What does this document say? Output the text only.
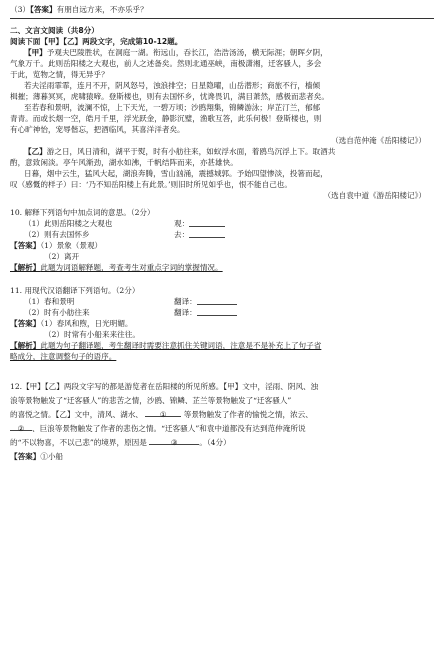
（3）【答案】有朋自远方来，不亦乐乎？
二、文言文阅读（共8分）
阅读下面【甲】【乙】两段文字，完成第10-12题。
【甲】予观夫巴陵胜状，在洞庭一湖。衔远山，吞长江，浩浩汤汤，横无际涯；朝晖夕阴，
气象万千。此则岳阳楼之大观也，前人之述备矣。然则北通巫峡，南极潇湘，迁客骚人，多会
于此，览物之情，得无异乎？
若夫淫雨霏霏，连月不开，阴风怒号，浊浪排空；日星隐曜，山岳潜形；商旅不行，樯倾
楫摧；薄暮冥冥，虎啸猿啼。登斯楼也，则有去国怀乡，忧谗畏讥，满目萧然，感极而悲者矣。
至若春和景明，波澜不惊，上下天光，一碧万顷；沙鸥翔集，锦鳞游泳；岸芷汀兰，郁郁
青青。而或长烟一空，皓月千里，浮光跃金，静影沉璧，渔歌互答，此乐何极！登斯楼也，则
有心旷神怡，宠辱偕忘，把酒临风，其喜洋洋者矣。
（选自范仲淹《岳阳楼记》）
【乙】游之日，风日清和，湖平于熨，时有小舫往来，如蚁浮水面，着鸥鸟沉浮上下。取酒共
酌，意致闲淡。亭午风渐劲，湖水如沸，千帆结阵而来，亦甚雄快。
日暮，烟中云生，猛风大起，湖浪奔腾，雪山汹涌，震撼城郭。予始四望惨淡，投箸而起，
叹（感慨的样子）曰：‘乃不知岳阳楼上有此景。’则旧时所见如乎也，恨不能自己也。
（选自袁中道《游岳阳楼记》）
10. 解释下列语句中加点词的意思。（2分）
（1）此则岳阳楼之大观也	观：
（2）则有去国怀乡	去：
【答案】（1）景象（景观）
（2）离开
【解析】此题为词语解释题，考查考生对重点字词的掌握情况。
11. 用现代汉语翻译下列语句。（2分）
（1）春和景明	翻译：
（2）时有小舫往来	翻译：
【答案】（1）春风和煦，日光明媚。
（2）时常有小船来来往往。
【解析】此题为句子翻译题，考生翻译时需要注意抓住关键词语，注意是不是补充上了句子省
略成分，注意调整句子的语序。
12.【甲】【乙】两段文字写的都是游览者在岳阳楼的所见所感。【甲】文中，淫雨、阴风、浊
浪等景物触发了“迁客骚人”的悲苦之情，沙鸥、锦鳞、芷兰等景物触发了“迁客骚人”
的喜悦之情。【乙】文中，清风、湖水、 ① 等景物触发了作者的愉悦之情，浓云、
② 、巨浪等景物触发了作者的悲伤之情。“迁客骚人”和袁中道都没有达到范仲淹所说
的“不以物喜，不以己悲”的境界，原因是	③	。（4分）
【答案】①小船
